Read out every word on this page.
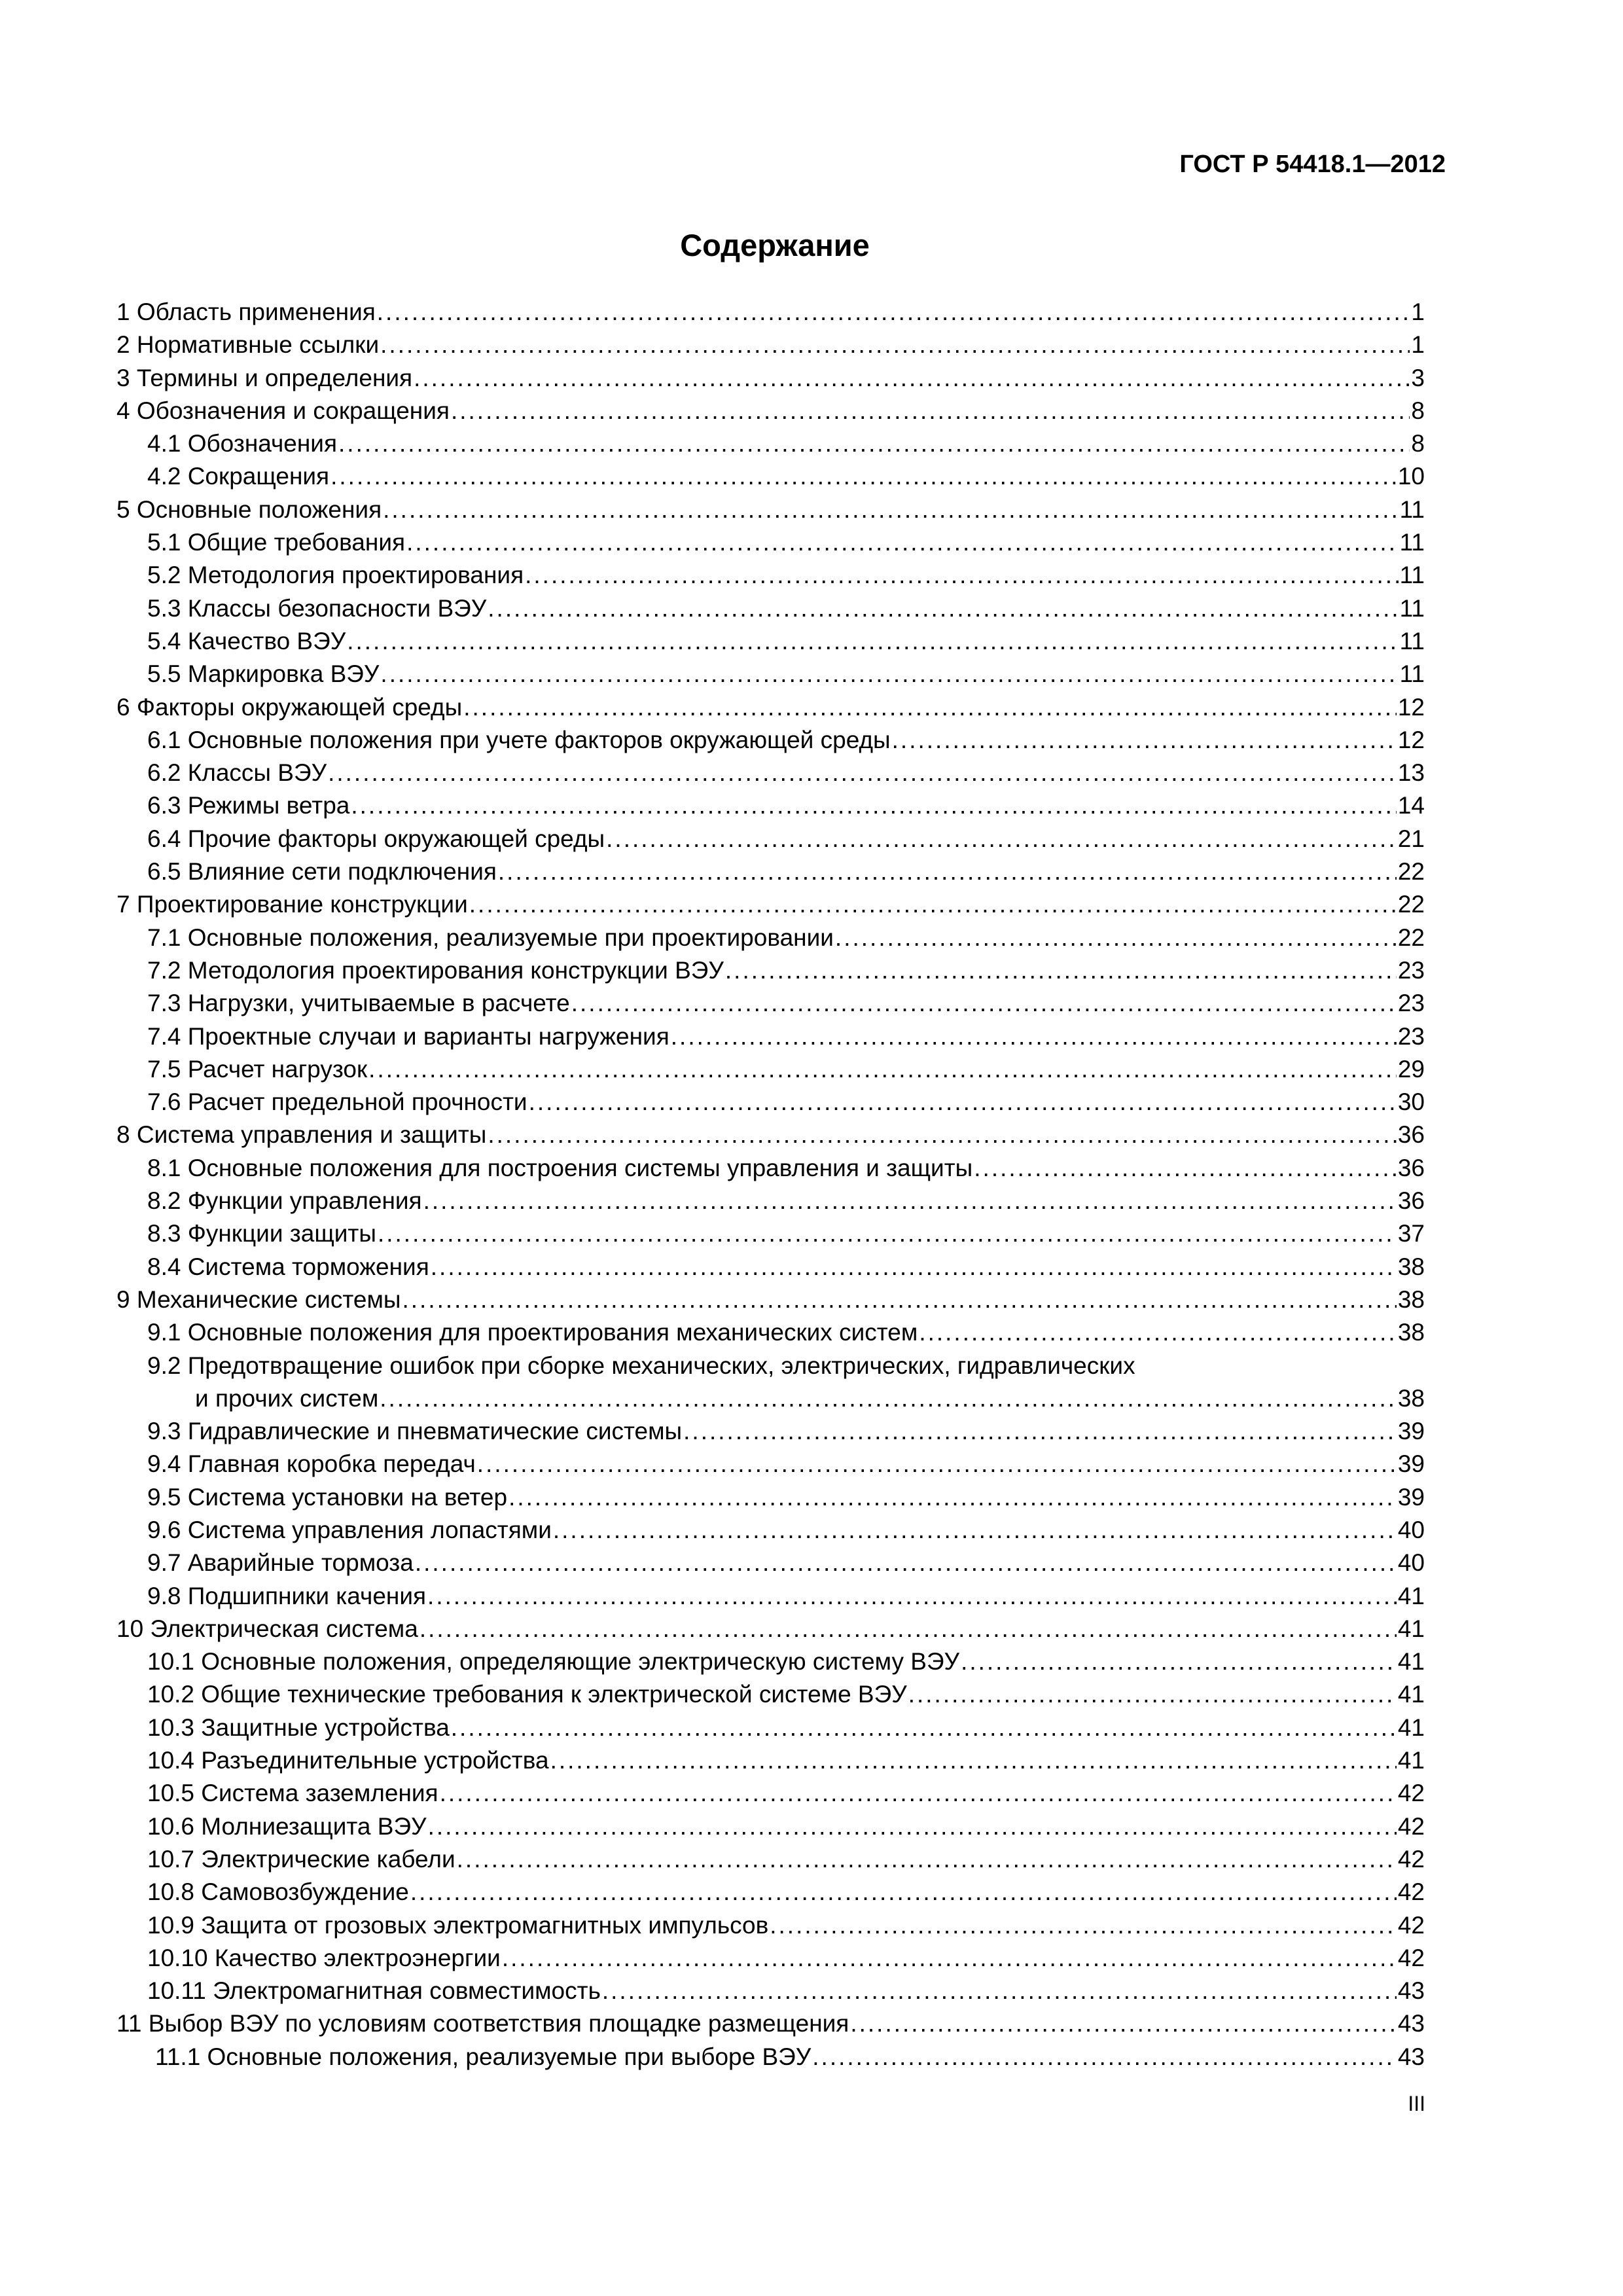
ГОСТ Р 54418.1—2012
Содержание
1 Область применения .....	1
2 Нормативные ссылки .....	1
3 Термины и определения .....	3
4 Обозначения и сокращения .....	8
4.1 Обозначения .....	8
4.2 Сокращения .....	10
5 Основные положения .....	11
5.1 Общие требования .....	11
5.2 Методология проектирования .....	11
5.3 Классы безопасности ВЭУ .....	11
5.4 Качество ВЭУ .....	11
5.5 Маркировка ВЭУ .....	11
6 Факторы окружающей среды .....	12
6.1 Основные положения при учете факторов окружающей среды .....	12
6.2 Классы ВЭУ .....	13
6.3 Режимы ветра .....	14
6.4 Прочие факторы окружающей среды .....	21
6.5 Влияние сети подключения .....	22
7 Проектирование конструкции .....	22
7.1 Основные положения, реализуемые при проектировании .....	22
7.2 Методология проектирования конструкции ВЭУ .....	23
7.3 Нагрузки, учитываемые в расчете .....	23
7.4 Проектные случаи и варианты нагружения .....	23
7.5 Расчет нагрузок .....	29
7.6 Расчет предельной прочности .....	30
8 Система управления и защиты .....	36
8.1 Основные положения для построения системы управления и защиты .....	36
8.2 Функции управления .....	36
8.3 Функции защиты .....	37
8.4 Система торможения .....	38
9 Механические системы .....	38
9.1 Основные положения для проектирования механических систем .....	38
9.2 Предотвращение ошибок при сборке механических, электрических, гидравлических
и прочих систем .....	38
9.3 Гидравлические и пневматические системы .....	39
9.4 Главная коробка передач .....	39
9.5 Система установки на ветер .....	39
9.6 Система управления лопастями .....	40
9.7 Аварийные тормоза .....	40
9.8 Подшипники качения .....	41
10 Электрическая система .....	41
10.1 Основные положения, определяющие электрическую систему ВЭУ .....	41
10.2 Общие технические требования к электрической системе ВЭУ .....	41
10.3 Защитные устройства .....	41
10.4 Разъединительные устройства .....	41
10.5 Система заземления .....	42
10.6 Молниезащита ВЭУ .....	42
10.7 Электрические кабели .....	42
10.8 Самовозбуждение .....	42
10.9 Защита от грозовых электромагнитных импульсов .....	42
10.10 Качество электроэнергии .....	42
10.11 Электромагнитная совместимость .....	43
11 Выбор ВЭУ по условиям соответствия площадке размещения .....	43
11.1 Основные положения, реализуемые при выборе ВЭУ .....	43
III
